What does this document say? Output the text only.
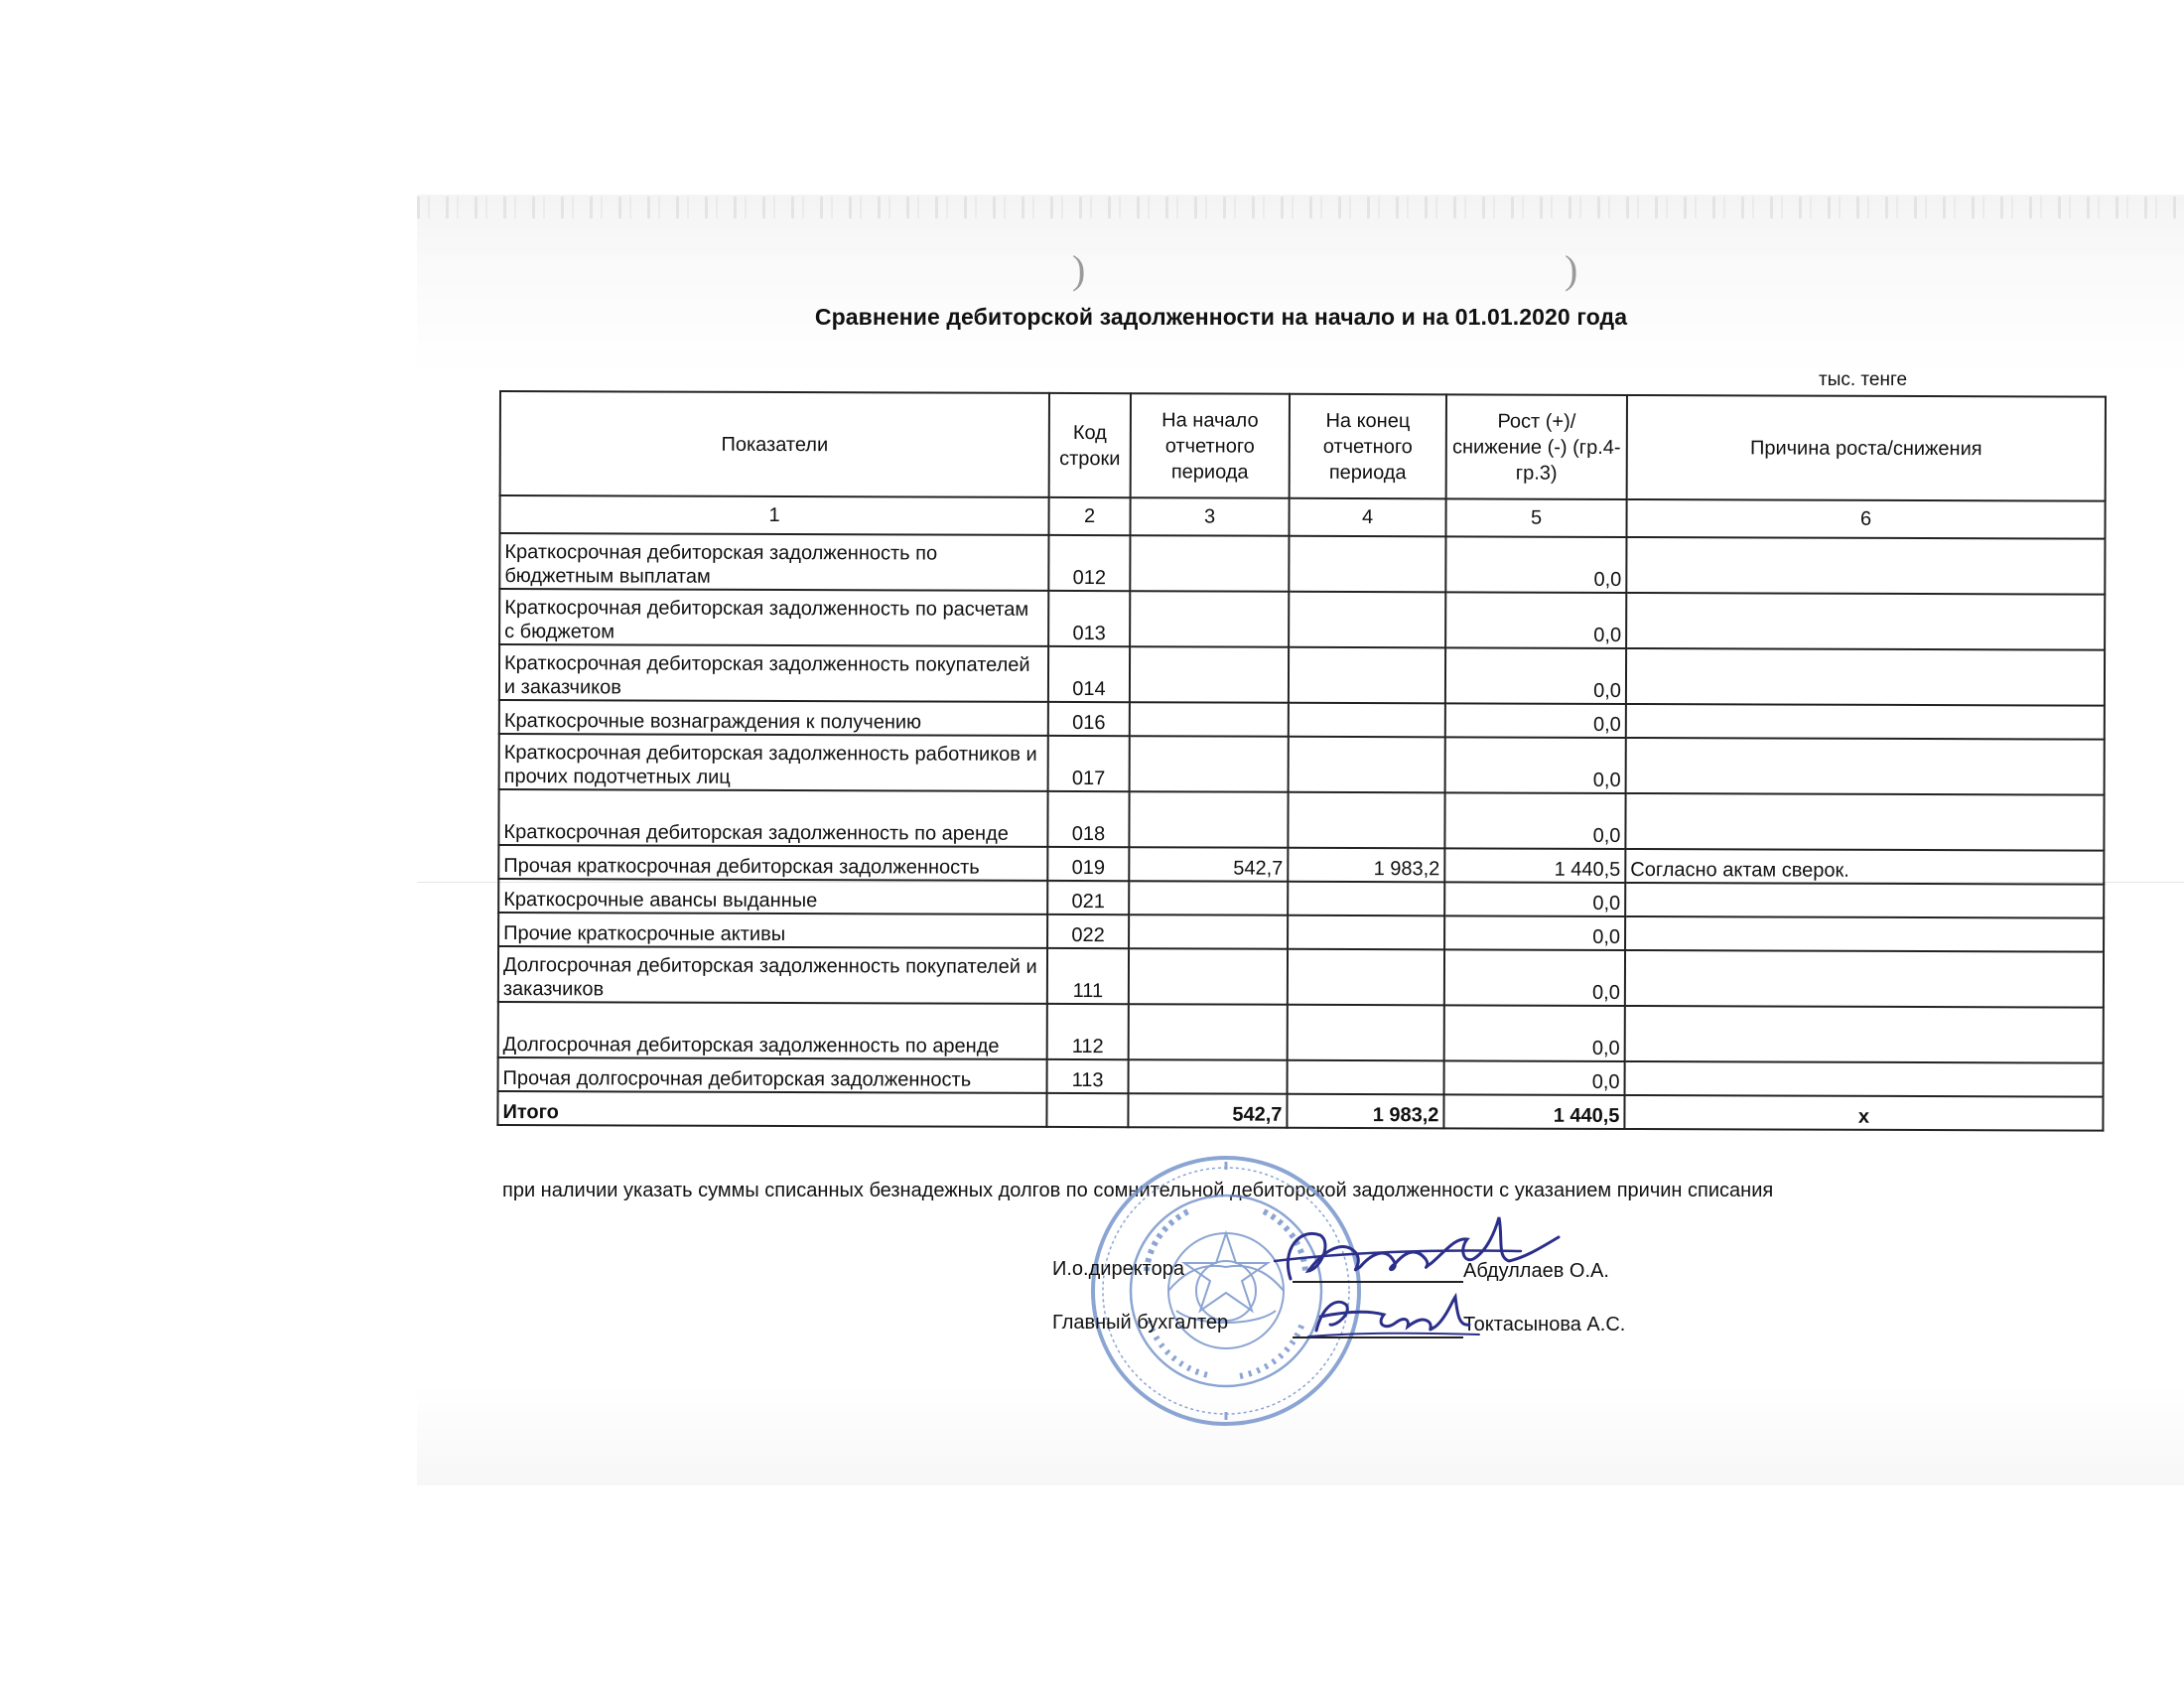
)	)
Сравнение дебиторской задолженности на начало и на 01.01.2020 года
тыс. тенге
Показатели	Код строки	На начало отчетного периода	На конец отчетного периода	Рост (+)/ снижение (-) (гр.4-гр.3)	Причина роста/снижения
1	2	3	4	5	6
Краткосрочная дебиторская задолженность по бюджетным выплатам	012			0,0	
Краткосрочная дебиторская задолженность по расчетам с бюджетом	013			0,0	
Краткосрочная дебиторская задолженность покупателей и заказчиков	014			0,0	
Краткосрочные вознаграждения к получению	016			0,0	
Краткосрочная дебиторская задолженность работников и прочих подотчетных лиц	017			0,0	
Краткосрочная дебиторская задолженность по аренде	018			0,0	
Прочая краткосрочная дебиторская задолженность	019	542,7	1 983,2	1 440,5	Согласно актам сверок.
Краткосрочные авансы выданные	021			0,0	
Прочие краткосрочные активы	022			0,0	
Долгосрочная дебиторская задолженность покупателей и заказчиков	111			0,0	
Долгосрочная дебиторская задолженность по аренде	112			0,0	
Прочая долгосрочная дебиторская задолженность	113			0,0	
Итого		542,7	1 983,2	1 440,5	x
при наличии указать суммы списанных безнадежных долгов по сомнительной дебиторской задолженности с указанием причин списания
И.о.директора	Абдуллаев О.А.
Главный бухгалтер	Токтасынова А.С.
